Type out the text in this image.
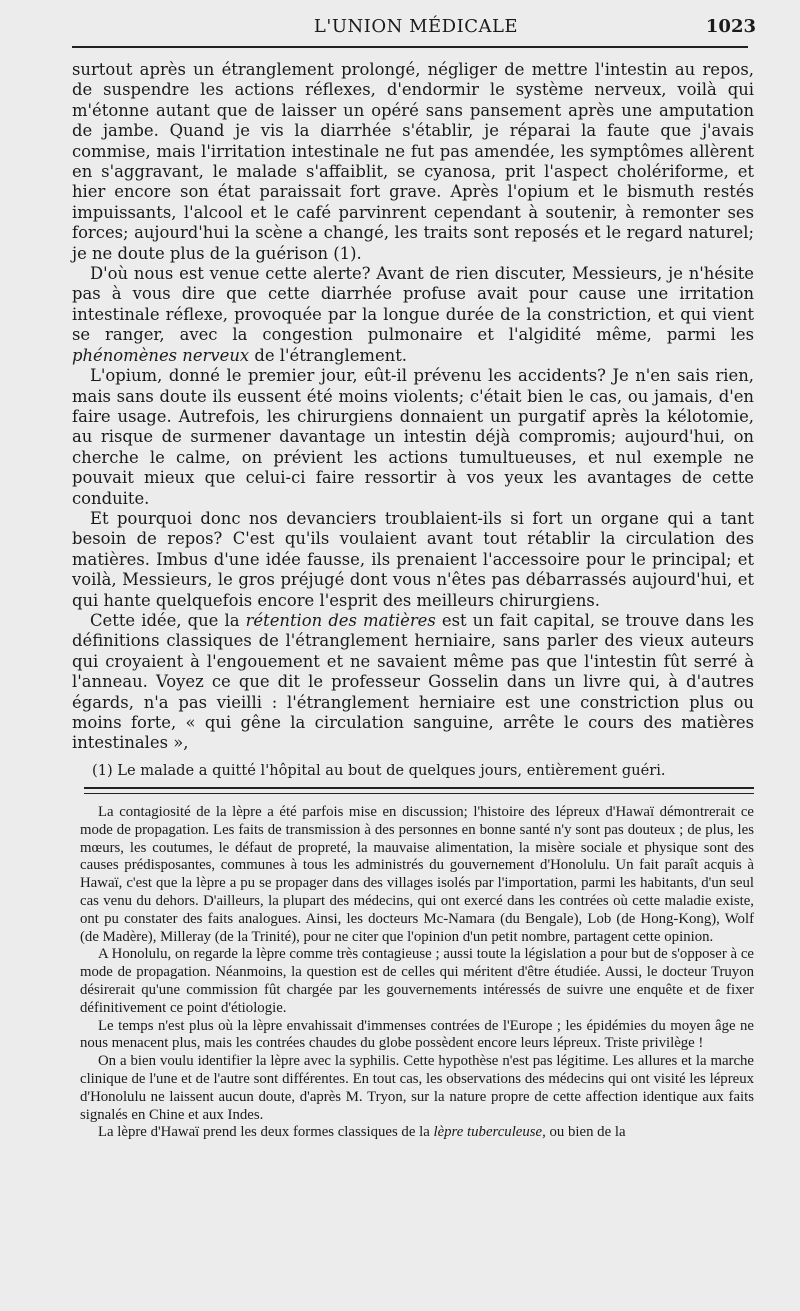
L'UNION MÉDICALE	1023

surtout après un étranglement prolongé, négliger de mettre l'intestin au repos, de suspendre les actions réflexes, d'endormir le système nerveux, voilà qui m'étonne autant que de laisser un opéré sans pansement après une amputation de jambe. Quand je vis la diarrhée s'établir, je réparai la faute que j'avais commise, mais l'irritation intestinale ne fut pas amendée, les symptômes allèrent en s'aggravant, le malade s'affaiblit, se cyanosa, prit l'aspect cholériforme, et hier encore son état paraissait fort grave. Après l'opium et le bismuth restés impuissants, l'alcool et le café parvinrent cependant à soutenir, à remonter ses forces; aujourd'hui la scène a changé, les traits sont reposés et le regard naturel; je ne doute plus de la guérison (1).

D'où nous est venue cette alerte? Avant de rien discuter, Messieurs, je n'hésite pas à vous dire que cette diarrhée profuse avait pour cause une irritation intestinale réflexe, provoquée par la longue durée de la constriction, et qui vient se ranger, avec la congestion pulmonaire et l'algidité même, parmi les phénomènes nerveux de l'étranglement.

L'opium, donné le premier jour, eût-il prévenu les accidents? Je n'en sais rien, mais sans doute ils eussent été moins violents; c'était bien le cas, ou jamais, d'en faire usage. Autrefois, les chirurgiens donnaient un purgatif après la kélotomie, au risque de surmener davantage un intestin déjà compromis; aujourd'hui, on cherche le calme, on prévient les actions tumultueuses, et nul exemple ne pouvait mieux que celui-ci faire ressortir à vos yeux les avantages de cette conduite.

Et pourquoi donc nos devanciers troublaient-ils si fort un organe qui a tant besoin de repos? C'est qu'ils voulaient avant tout rétablir la circulation des matières. Imbus d'une idée fausse, ils prenaient l'accessoire pour le principal; et voilà, Messieurs, le gros préjugé dont vous n'êtes pas débarrassés aujourd'hui, et qui hante quelquefois encore l'esprit des meilleurs chirurgiens.

Cette idée, que la rétention des matières est un fait capital, se trouve dans les définitions classiques de l'étranglement herniaire, sans parler des vieux auteurs qui croyaient à l'engouement et ne savaient même pas que l'intestin fût serré à l'anneau. Voyez ce que dit le professeur Gosselin dans un livre qui, à d'autres égards, n'a pas vieilli : l'étranglement herniaire est une constriction plus ou moins forte, « qui gêne la circulation sanguine, arrête le cours des matières intestinales »,

(1) Le malade a quitté l'hôpital au bout de quelques jours, entièrement guéri.

La contagiosité de la lèpre a été parfois mise en discussion; l'histoire des lépreux d'Hawaï démontrerait ce mode de propagation. Les faits de transmission à des personnes en bonne santé n'y sont pas douteux ; de plus, les mœurs, les coutumes, le défaut de propreté, la mauvaise alimentation, la misère sociale et physique sont des causes prédisposantes, communes à tous les administrés du gouvernement d'Honolulu. Un fait paraît acquis à Hawaï, c'est que la lèpre a pu se propager dans des villages isolés par l'importation, parmi les habitants, d'un seul cas venu du dehors. D'ailleurs, la plupart des médecins, qui ont exercé dans les contrées où cette maladie existe, ont pu constater des faits analogues. Ainsi, les docteurs Mc-Namara (du Bengale), Lob (de Hong-Kong), Wolf (de Madère), Milleray (de la Trinité), pour ne citer que l'opinion d'un petit nombre, partagent cette opinion.

A Honolulu, on regarde la lèpre comme très contagieuse ; aussi toute la législation a pour but de s'opposer à ce mode de propagation. Néanmoins, la question est de celles qui méritent d'être étudiée. Aussi, le docteur Truyon désirerait qu'une commission fût chargée par les gouvernements intéressés de suivre une enquête et de fixer définitivement ce point d'étiologie.

Le temps n'est plus où la lèpre envahissait d'immenses contrées de l'Europe ; les épidémies du moyen âge ne nous menacent plus, mais les contrées chaudes du globe possèdent encore leurs lépreux. Triste privilège !

On a bien voulu identifier la lèpre avec la syphilis. Cette hypothèse n'est pas légitime. Les allures et la marche clinique de l'une et de l'autre sont différentes. En tout cas, les observations des médecins qui ont visité les lépreux d'Honolulu ne laissent aucun doute, d'après M. Tryon, sur la nature propre de cette affection identique aux faits signalés en Chine et aux Indes.

La lèpre d'Hawaï prend les deux formes classiques de la lèpre tuberculeuse, ou bien de la
